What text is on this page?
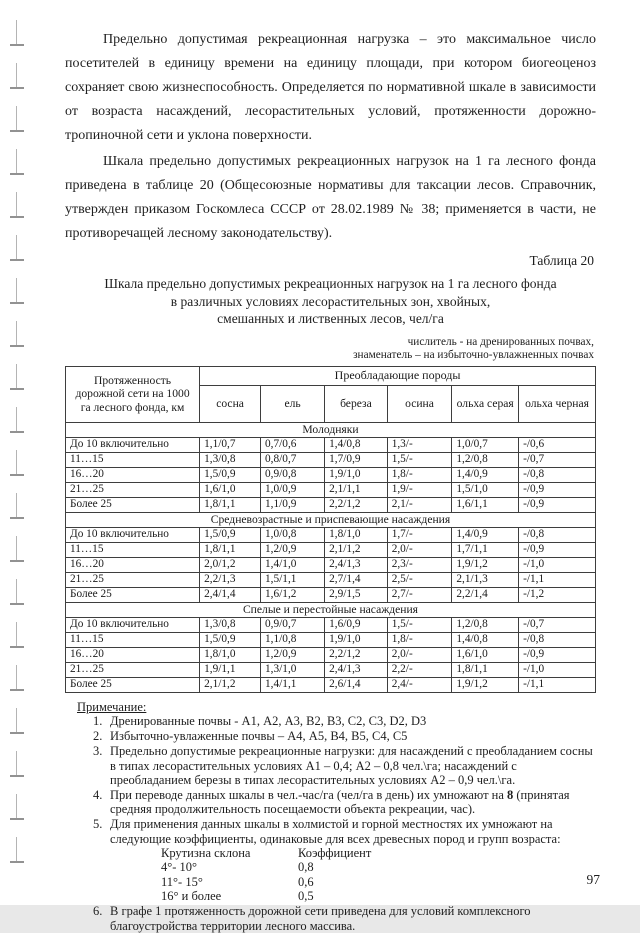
Предельно допустимая рекреационная нагрузка – это максимальное число посетителей в единицу времени на единицу площади, при котором биогеоценоз сохраняет свою жизнеспособность. Определяется по нормативной шкале в зависимости от возраста насаждений, лесорастительных условий, протяженности дорожно-тропиночной сети и уклона поверхности.

Шкала предельно допустимых рекреационных нагрузок на 1 га лесного фонда приведена в таблице 20 (Общесоюзные нормативы для таксации лесов. Справочник, утвержден приказом Госкомлеса СССР от 28.02.1989 № 38; применяется в части, не противоречащей лесному законодательству).

Таблица 20
Шкала предельно допустимых рекреационных нагрузок на 1 га лесного фонда
в различных условиях лесорастительных зон, хвойных,
смешанных и лиственных лесов, чел/га
числитель - на дренированных почвах,
знаменатель – на избыточно-увлажненных почвах
Протяженность дорожной сети на 1000 га лесного фонда, км	Преобладающие породы					
	сосна	ель	береза	осина	ольха серая	ольха черная
Молодняки						
До 10 включительно	1,1/0,7	0,7/0,6	1,4/0,8	1,3/-	1,0/0,7	-/0,6
11…15	1,3/0,8	0,8/0,7	1,7/0,9	1,5/-	1,2/0,8	-/0,7
16…20	1,5/0,9	0,9/0,8	1,9/1,0	1,8/-	1,4/0,9	-/0,8
21…25	1,6/1,0	1,0/0,9	2,1/1,1	1,9/-	1,5/1,0	-/0,9
Более 25	1,8/1,1	1,1/0,9	2,2/1,2	2,1/-	1,6/1,1	-/0,9
Средневозрастные и приспевающие насаждения						
До 10 включительно	1,5/0,9	1,0/0,8	1,8/1,0	1,7/-	1,4/0,9	-/0,8
11…15	1,8/1,1	1,2/0,9	2,1/1,2	2,0/-	1,7/1,1	-/0,9
16…20	2,0/1,2	1,4/1,0	2,4/1,3	2,3/-	1,9/1,2	-/1,0
21…25	2,2/1,3	1,5/1,1	2,7/1,4	2,5/-	2,1/1,3	-/1,1
Более 25	2,4/1,4	1,6/1,2	2,9/1,5	2,7/-	2,2/1,4	-/1,2
Спелые и перестойные насаждения						
До 10 включительно	1,3/0,8	0,9/0,7	1,6/0,9	1,5/-	1,2/0,8	-/0,7
11…15	1,5/0,9	1,1/0,8	1,9/1,0	1,8/-	1,4/0,8	-/0,8
16…20	1,8/1,0	1,2/0,9	2,2/1,2	2,0/-	1,6/1,0	-/0,9
21…25	1,9/1,1	1,3/1,0	2,4/1,3	2,2/-	1,8/1,1	-/1,0
Более 25	2,1/1,2	1,4/1,1	2,6/1,4	2,4/-	1,9/1,2	-/1,1
Примечание:
1. Дренированные почвы - А1, А2, А3, В2, В3, С2, С3, D2, D3
2. Избыточно-увлаженные почвы – А4, А5, В4, В5, С4, С5
3. Предельно допустимые рекреационные нагрузки: для насаждений с преобладанием сосны в типах лесорастительных условиях А1 – 0,4; А2 – 0,8 чел.\га; насаждений с преобладанием березы в типах лесорастительных условиях А2 – 0,9 чел.\га.
4. При переводе данных шкалы в чел.-час/га (чел/га в день) их умножают на 8 (принятая средняя продолжительность посещаемости объекта рекреации, час).
5. Для применения данных шкалы в холмистой и горной местностях их умножают на следующие коэффициенты, одинаковые для всех древесных пород и групп возраста:
Крутизна склона	Коэффициент
4°- 10°	0,8
11°- 15°	0,6
16° и более	0,5
6. В графе 1 протяженность дорожной сети приведена для условий комплексного благоустройства территории лесного массива.
97
